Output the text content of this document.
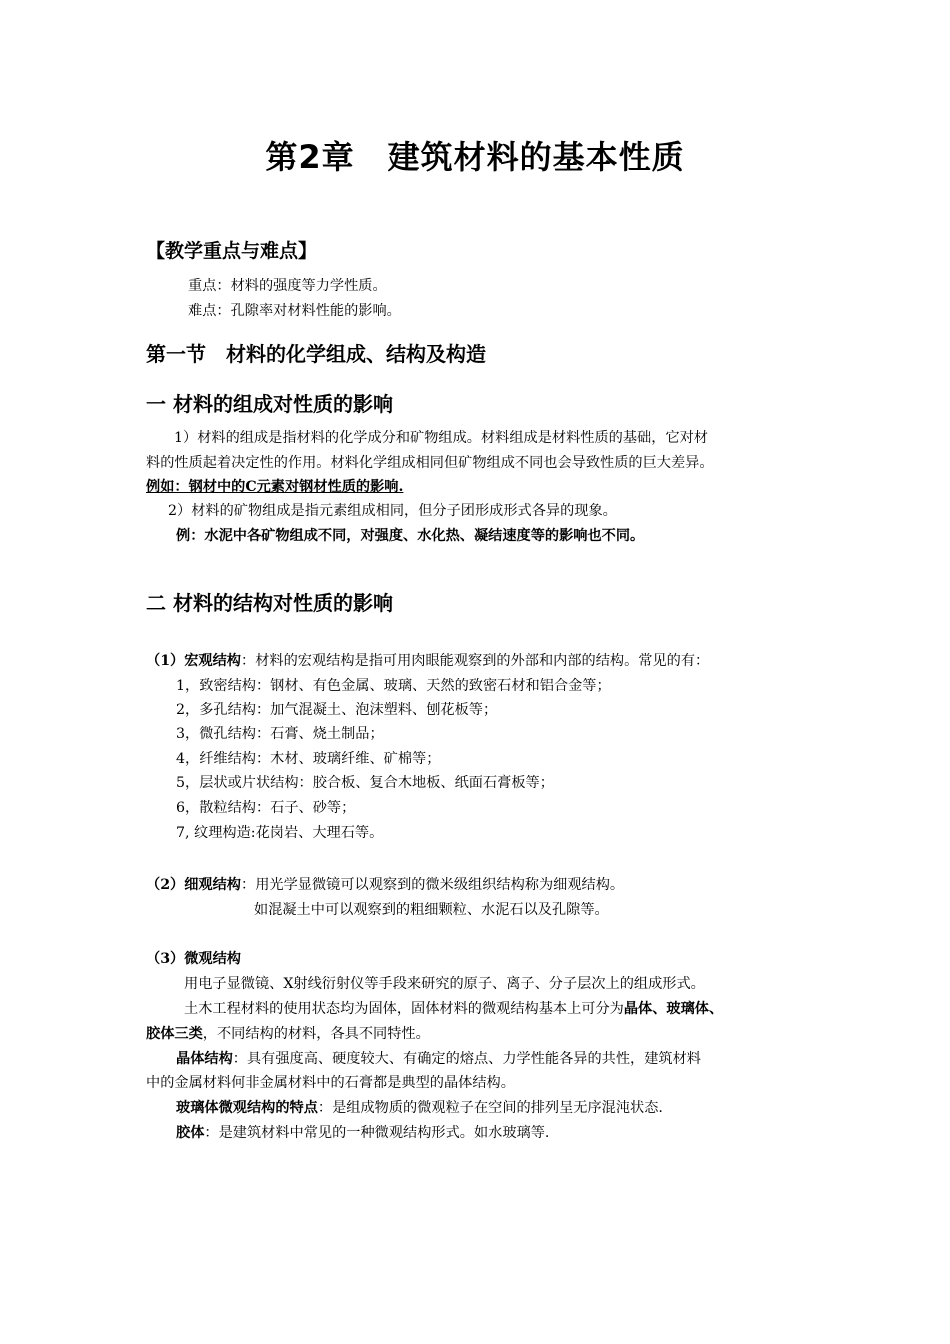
第2章　建筑材料的基本性质
【教学重点与难点】
重点：材料的强度等力学性质。
难点：孔隙率对材料性能的影响。
第一节　材料的化学组成、结构及构造
一 材料的组成对性质的影响
1）材料的组成是指材料的化学成分和矿物组成。材料组成是材料性质的基础，它对材
料的性质起着决定性的作用。材料化学组成相同但矿物组成不同也会导致性质的巨大差异。
例如：钢材中的C元素对钢材性质的影响.
2）材料的矿物组成是指元素组成相同，但分子团形成形式各异的现象。
例：水泥中各矿物组成不同，对强度、水化热、凝结速度等的影响也不同。
二 材料的结构对性质的影响
（1）宏观结构：材料的宏观结构是指可用肉眼能观察到的外部和内部的结构。常见的有：
1，致密结构：钢材、有色金属、玻璃、天然的致密石材和铝合金等；
2，多孔结构：加气混凝土、泡沫塑料、刨花板等；
3，微孔结构：石膏、烧土制品；
4，纤维结构：木材、玻璃纤维、矿棉等；
5，层状或片状结构：胶合板、复合木地板、纸面石膏板等；
6，散粒结构：石子、砂等；
7, 纹理构造:花岗岩、大理石等。
（2）细观结构：用光学显微镜可以观察到的微米级组织结构称为细观结构。
如混凝土中可以观察到的粗细颗粒、水泥石以及孔隙等。
（3）微观结构
用电子显微镜、X射线衍射仪等手段来研究的原子、离子、分子层次上的组成形式。
土木工程材料的使用状态均为固体，固体材料的微观结构基本上可分为晶体、玻璃体、
胶体三类，不同结构的材料，各具不同特性。
晶体结构：具有强度高、硬度较大、有确定的熔点、力学性能各异的共性，建筑材料
中的金属材料何非金属材料中的石膏都是典型的晶体结构。
玻璃体微观结构的特点：是组成物质的微观粒子在空间的排列呈无序混沌状态.
胶体：是建筑材料中常见的一种微观结构形式。如水玻璃等.
